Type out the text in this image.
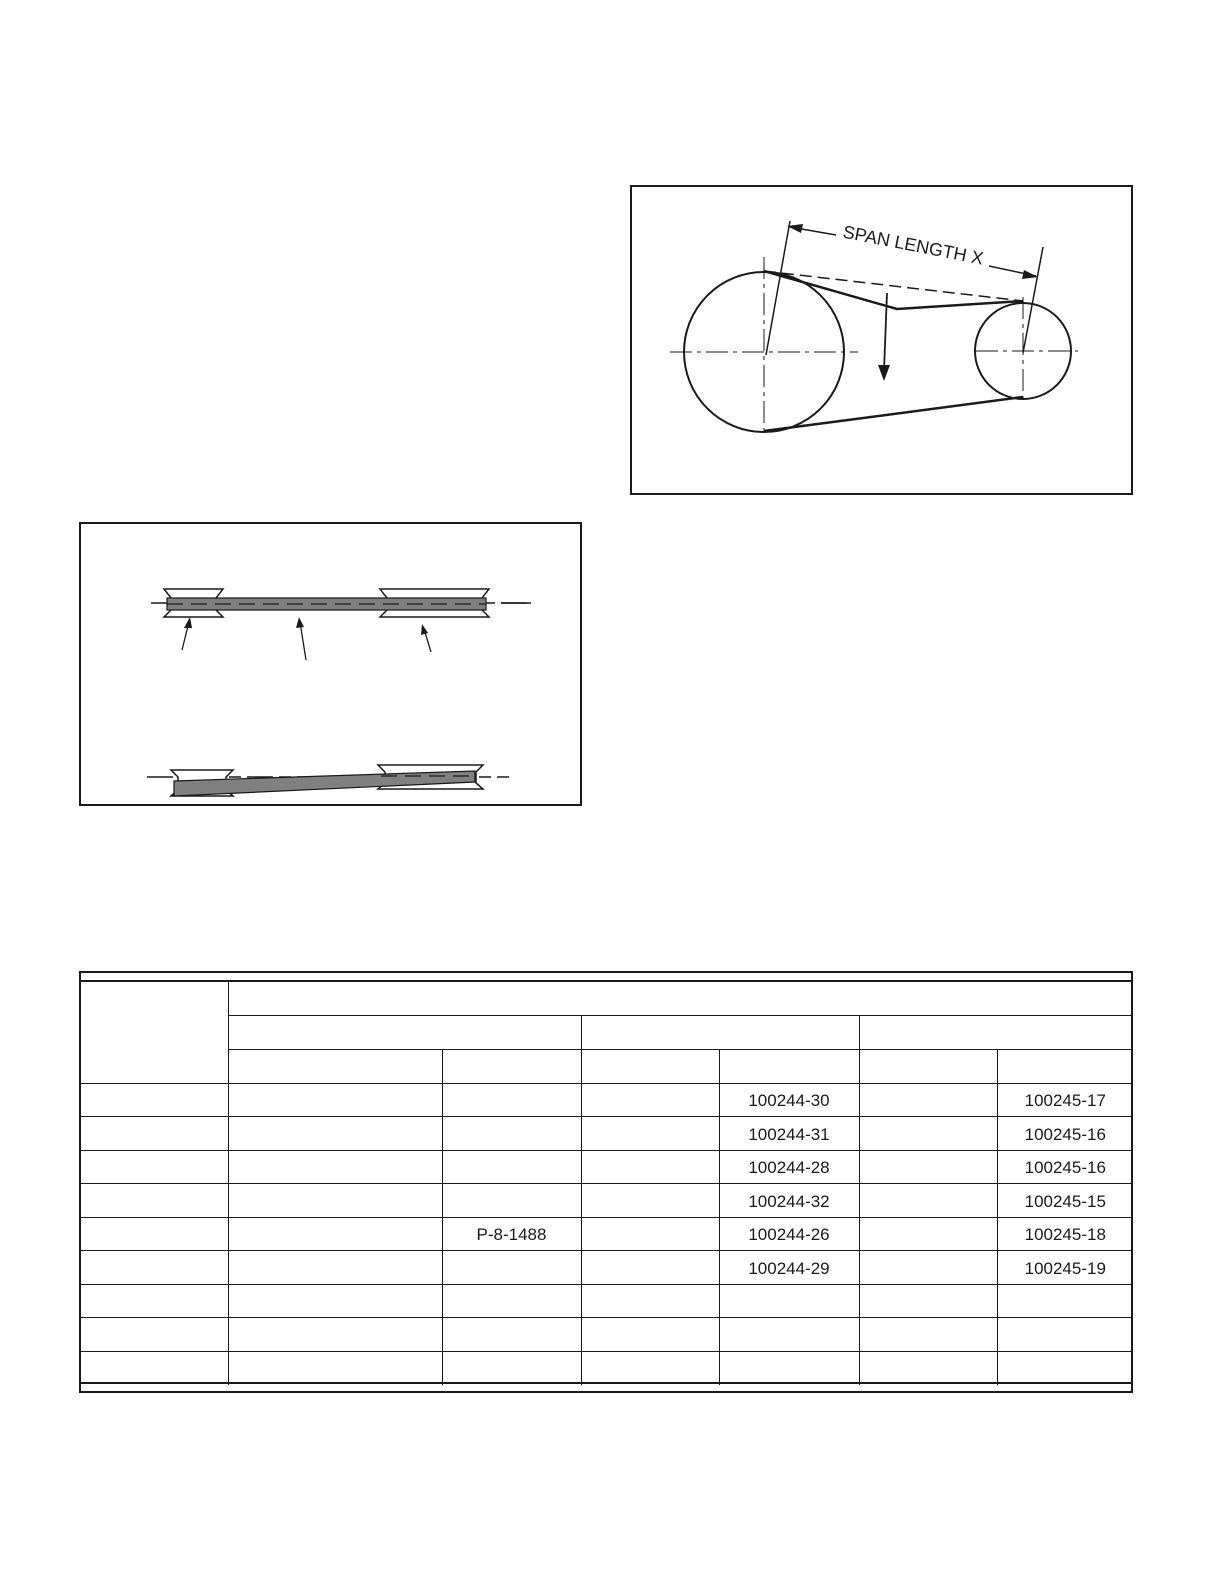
SPAN LENGTH X

				100244-30		100245-17
				100244-31		100245-16
				100244-28		100245-16
				100244-32		100245-15
		P-8-1488		100244-26		100245-18
				100244-29		100245-19
